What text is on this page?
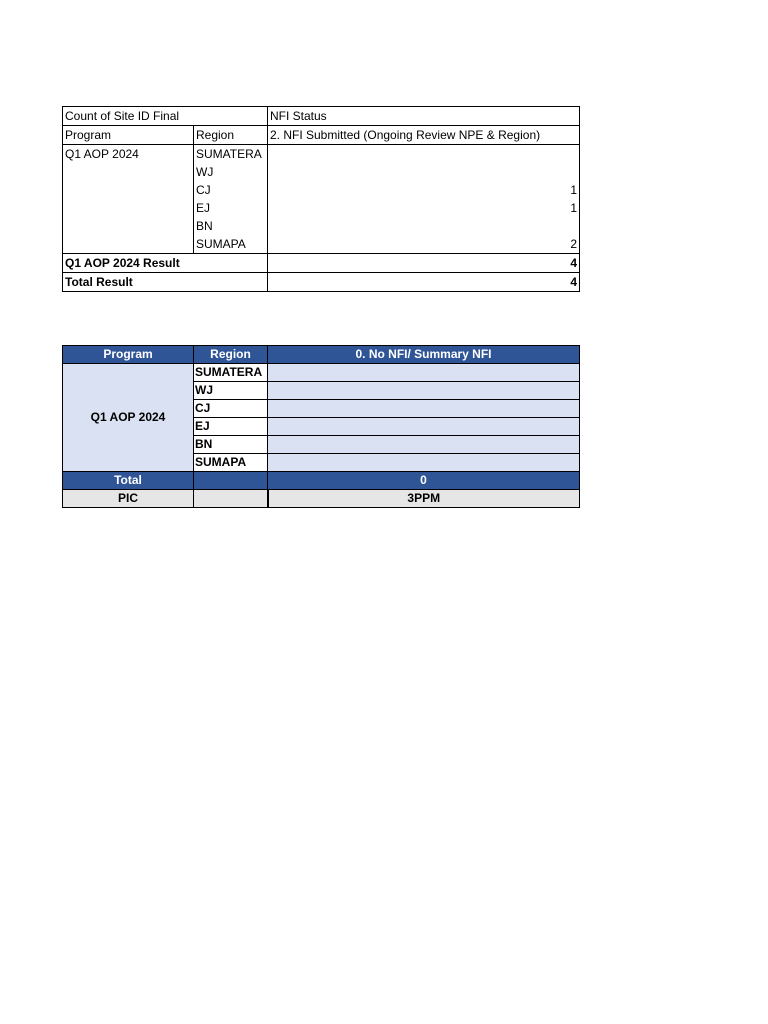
Count of Site ID Final		NFI Status
Program	Region	2. NFI Submitted (Ongoing Review NPE & Region)
Q1 AOP 2024	SUMATERA	
	WJ	
	CJ	1
	EJ	1
	BN	
	SUMAPA	2
Q1 AOP 2024 Result		4
Total Result		4
Program	Region	0. No NFI/ Summary NFI
Q1 AOP 2024	SUMATERA	
	WJ	
	CJ	
	EJ	
	BN	
	SUMAPA	
Total		0
PIC		3PPM
